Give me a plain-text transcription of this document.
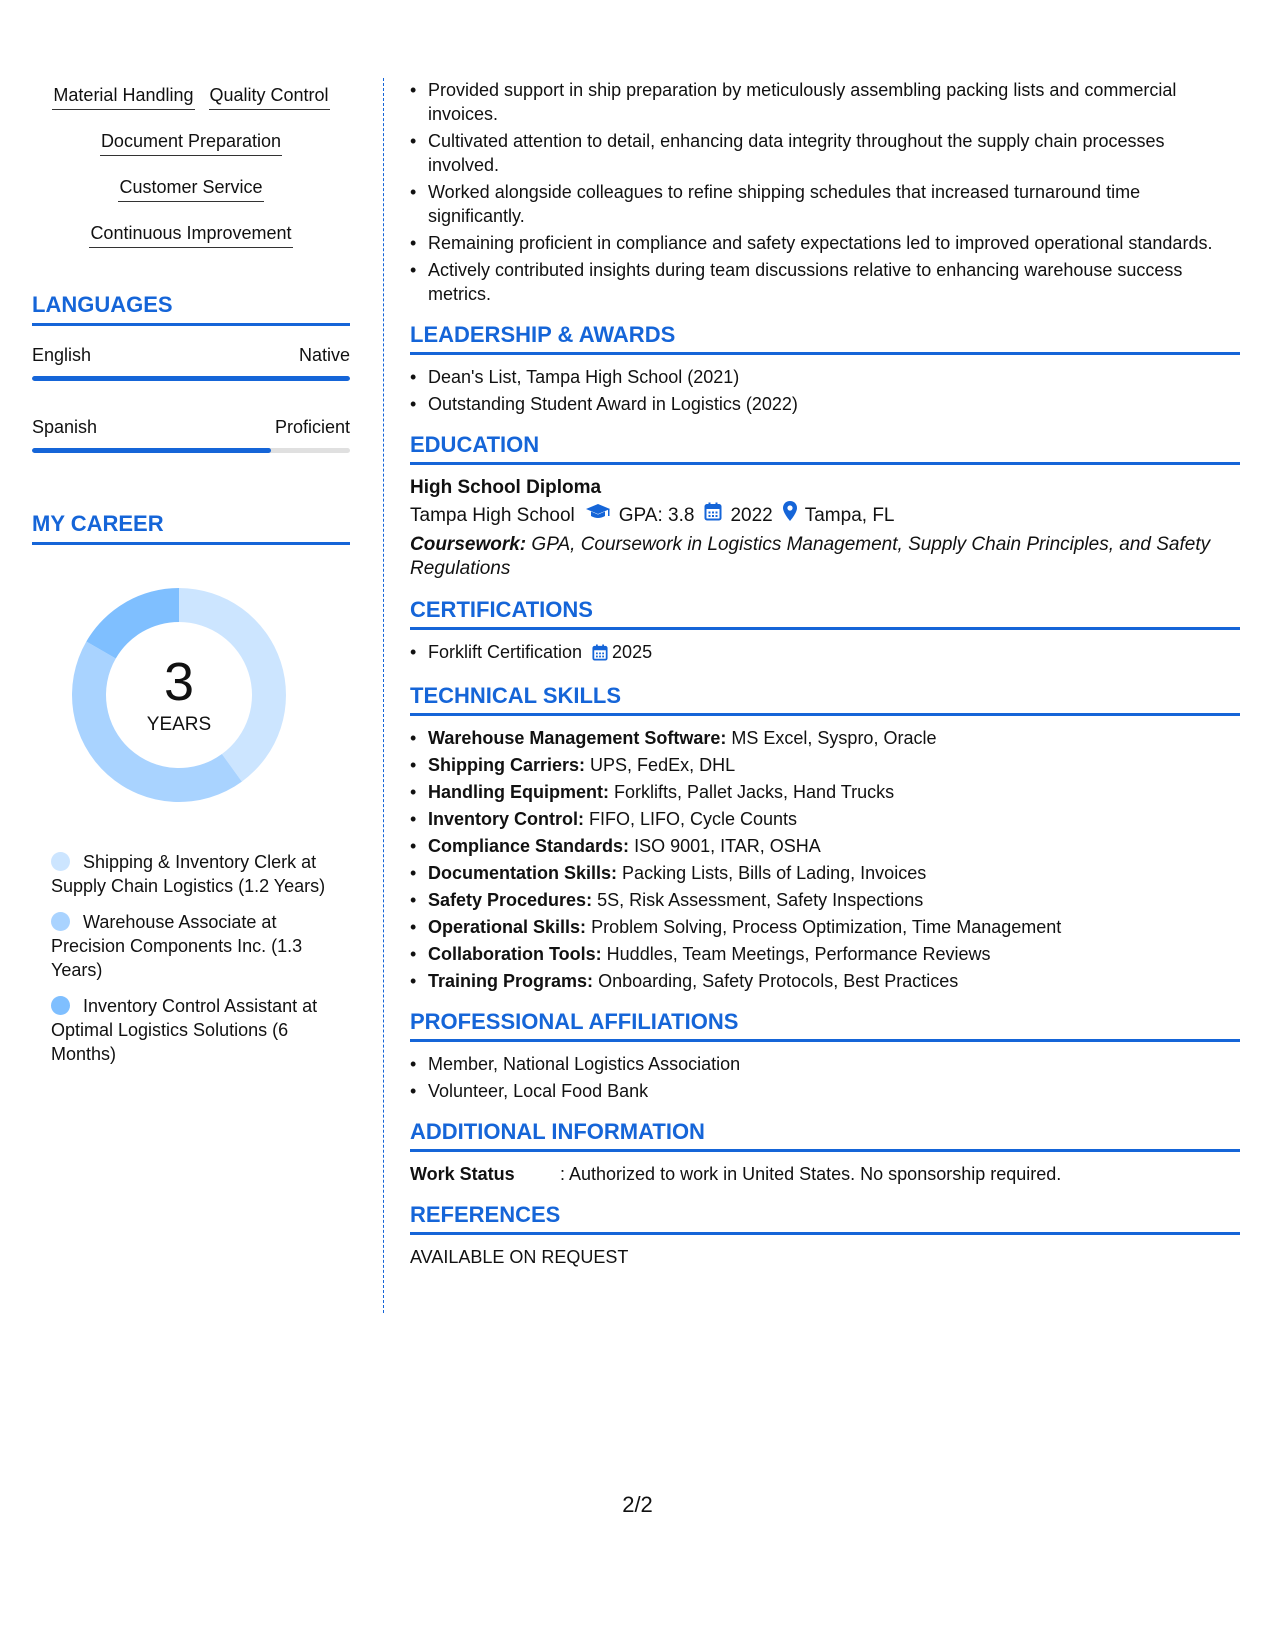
Material Handling Quality Control
Document Preparation
Customer Service
Continuous Improvement
LANGUAGES
English	Native
Spanish	Proficient
MY CAREER
3
YEARS
Shipping & Inventory Clerk at Supply Chain Logistics (1.2 Years)
Warehouse Associate at Precision Components Inc. (1.3 Years)
Inventory Control Assistant at Optimal Logistics Solutions (6 Months)
• Provided support in ship preparation by meticulously assembling packing lists and commercial invoices.
• Cultivated attention to detail, enhancing data integrity throughout the supply chain processes involved.
• Worked alongside colleagues to refine shipping schedules that increased turnaround time significantly.
• Remaining proficient in compliance and safety expectations led to improved operational standards.
• Actively contributed insights during team discussions relative to enhancing warehouse success metrics.
LEADERSHIP & AWARDS
• Dean's List, Tampa High School (2021)
• Outstanding Student Award in Logistics (2022)
EDUCATION
High School Diploma
Tampa High School GPA: 3.8 2022 Tampa, FL
Coursework: GPA, Coursework in Logistics Management, Supply Chain Principles, and Safety Regulations
CERTIFICATIONS
• Forklift Certification 2025
TECHNICAL SKILLS
• Warehouse Management Software: MS Excel, Syspro, Oracle
• Shipping Carriers: UPS, FedEx, DHL
• Handling Equipment: Forklifts, Pallet Jacks, Hand Trucks
• Inventory Control: FIFO, LIFO, Cycle Counts
• Compliance Standards: ISO 9001, ITAR, OSHA
• Documentation Skills: Packing Lists, Bills of Lading, Invoices
• Safety Procedures: 5S, Risk Assessment, Safety Inspections
• Operational Skills: Problem Solving, Process Optimization, Time Management
• Collaboration Tools: Huddles, Team Meetings, Performance Reviews
• Training Programs: Onboarding, Safety Protocols, Best Practices
PROFESSIONAL AFFILIATIONS
• Member, National Logistics Association
• Volunteer, Local Food Bank
ADDITIONAL INFORMATION
Work Status	: Authorized to work in United States. No sponsorship required.
REFERENCES
AVAILABLE ON REQUEST
2/2
